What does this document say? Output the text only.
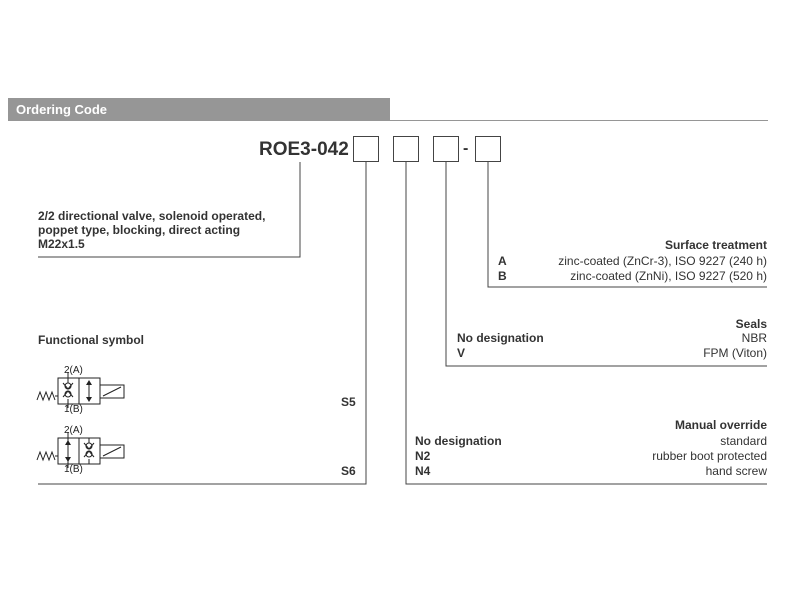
Ordering Code
ROE3-042	-
2/2 directional valve, solenoid operated,
poppet type, blocking, direct acting
M22x1.5	Surface treatment
A	zinc-coated (ZnCr-3), ISO 9227 (240 h)
B	zinc-coated (ZnNi), ISO 9227 (520 h)
Seals
No designation	NBR
V	FPM (Viton)
Manual override
No designation	standard
N2	rubber boot protected
N4	hand screw
Functional symbol
2(A)
1(B)
S5
2(A)
1(B)	S6
